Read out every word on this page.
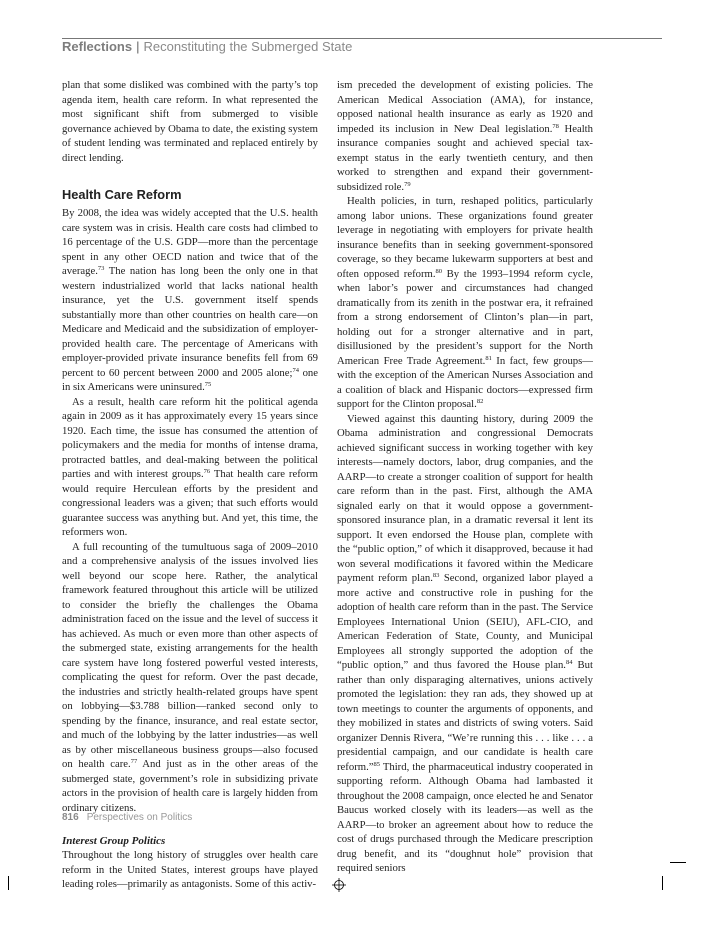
Reflections | Reconstituting the Submerged State

plan that some disliked was combined with the party’s top agenda item, health care reform. In what represented the most significant shift from submerged to visible governance achieved by Obama to date, the existing system of student lending was terminated and replaced entirely by direct lending.

Health Care Reform

By 2008, the idea was widely accepted that the U.S. health care system was in crisis. Health care costs had climbed to 16 percentage of the U.S. GDP—more than the percentage spent in any other OECD nation and twice that of the average.$^{73}$ The nation has long been the only one in that western industrialized world that lacks national health insurance, yet the U.S. government itself spends substantially more than other countries on health care—on Medicare and Medicaid and the subsidization of employer-provided health care. The percentage of Americans with employer-provided private insurance benefits fell from 69 percent to 60 percent between 2000 and 2005 alone;$^{74}$ one in six Americans were uninsured.$^{75}$

As a result, health care reform hit the political agenda again in 2009 as it has approximately every 15 years since 1920. Each time, the issue has consumed the attention of policymakers and the media for months of intense drama, protracted battles, and deal-making between the political parties and with interest groups.$^{76}$ That health care reform would require Herculean efforts by the president and congressional leaders was a given; that such efforts would guarantee success was anything but. And yet, this time, the reformers won.

A full recounting of the tumultuous saga of 2009–2010 and a comprehensive analysis of the issues involved lies well beyond our scope here. Rather, the analytical framework featured throughout this article will be utilized to consider the briefly the challenges the Obama administration faced on the issue and the level of success it has achieved. As much or even more than other aspects of the submerged state, existing arrangements for the health care system have long fostered powerful vested interests, complicating the quest for reform. Over the past decade, the industries and strictly health-related groups have spent on lobbying—$3.788 billion—ranked second only to spending by the finance, insurance, and real estate sector, and much of the lobbying by the latter industries—as well as by other miscellaneous business groups—also focused on health care.$^{77}$ And just as in the other areas of the submerged state, government’s role in subsidizing private actors in the provision of health care is largely hidden from ordinary citizens.

Interest Group Politics

Throughout the long history of struggles over health care reform in the United States, interest groups have played leading roles—primarily as antagonists. Some of this activ-

ism preceded the development of existing policies. The American Medical Association (AMA), for instance, opposed national health insurance as early as 1920 and impeded its inclusion in New Deal legislation.$^{78}$ Health insurance companies sought and achieved special tax-exempt status in the early twentieth century, and then worked to strengthen and expand their government-subsidized role.$^{79}$

Health policies, in turn, reshaped politics, particularly among labor unions. These organizations found greater leverage in negotiating with employers for private health insurance benefits than in seeking government-sponsored coverage, so they became lukewarm supporters at best and often opposed reform.$^{80}$ By the 1993–1994 reform cycle, when labor’s power and circumstances had changed dramatically from its zenith in the postwar era, it refrained from a strong endorsement of Clinton’s plan—in part, holding out for a stronger alternative and in part, disillusioned by the president’s support for the North American Free Trade Agreement.$^{81}$ In fact, few groups—with the exception of the American Nurses Association and a coalition of black and Hispanic doctors—expressed firm support for the Clinton proposal.$^{82}$

Viewed against this daunting history, during 2009 the Obama administration and congressional Democrats achieved significant success in working together with key interests—namely doctors, labor, drug companies, and the AARP—to create a stronger coalition of support for health care reform than in the past. First, although the AMA signaled early on that it would oppose a government-sponsored insurance plan, in a dramatic reversal it lent its support. It even endorsed the House plan, complete with the “public option,” of which it disapproved, because it had won several modifications it favored within the Medicare payment reform plan.$^{83}$ Second, organized labor played a more active and constructive role in pushing for the adoption of health care reform than in the past. The Service Employees International Union (SEIU), AFL-CIO, and American Federation of State, County, and Municipal Employees all strongly supported the adoption of the “public option,” and thus favored the House plan.$^{84}$ But rather than only disparaging alternatives, unions actively promoted the legislation: they ran ads, they showed up at town meetings to counter the arguments of opponents, and they mobilized in states and districts of swing voters. Said organizer Dennis Rivera, “We’re running this . . . like . . . a presidential campaign, and our candidate is health care reform.”$^{85}$ Third, the pharmaceutical industry cooperated in supporting reform. Although Obama had lambasted it throughout the 2008 campaign, once elected he and Senator Baucus worked closely with its leaders—as well as the AARP—to broker an agreement about how to reduce the cost of drugs purchased through the Medicare prescription drug benefit, and its “doughnut hole” provision that required seniors

816 Perspectives on Politics
